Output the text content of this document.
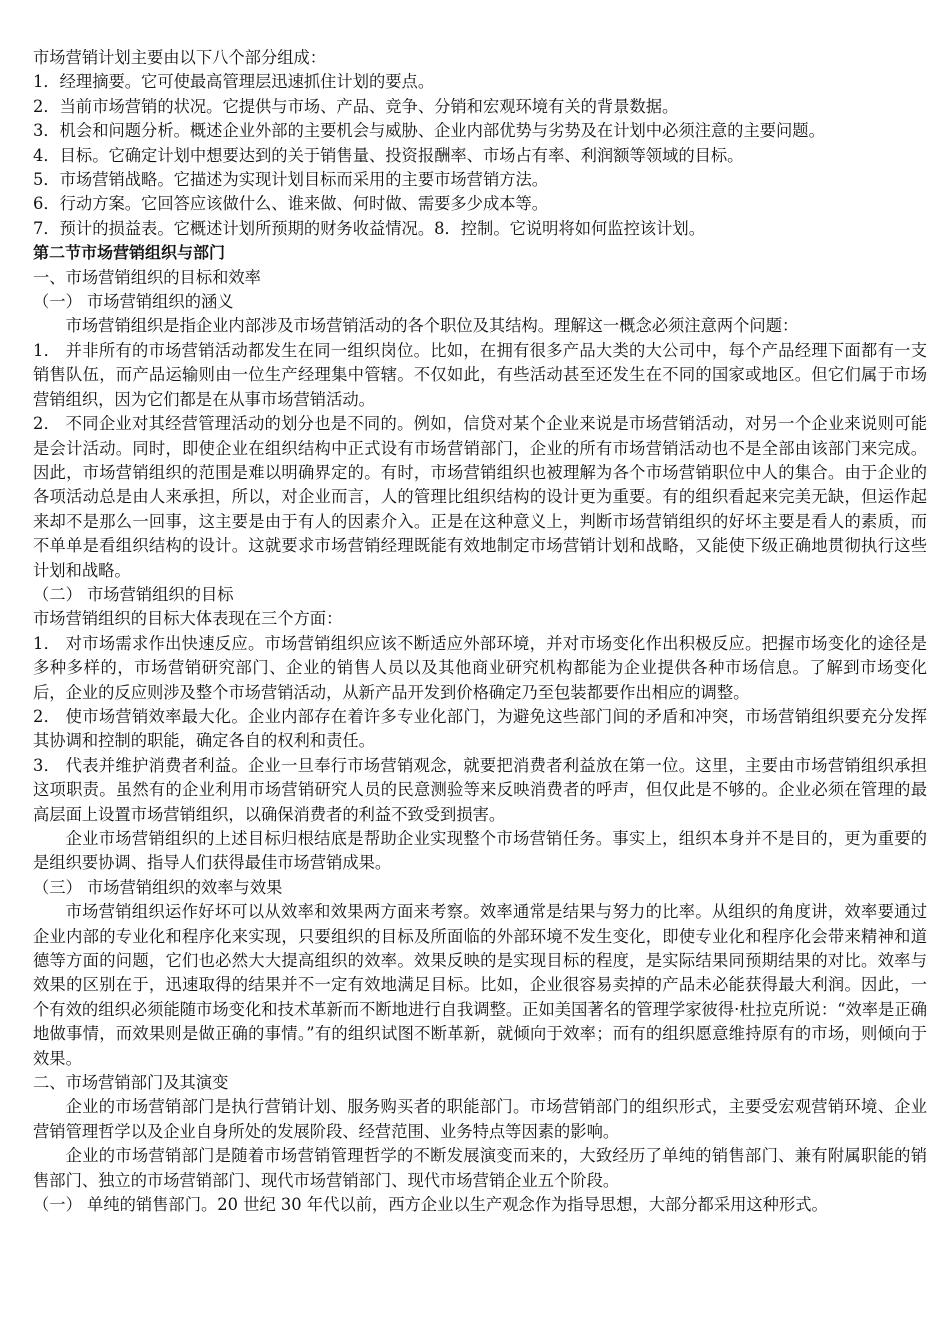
市场营销计划主要由以下八个部分组成：

1．经理摘要。它可使最高管理层迅速抓住计划的要点。

2．当前市场营销的状况。它提供与市场、产品、竞争、分销和宏观环境有关的背景数据。

3．机会和问题分析。概述企业外部的主要机会与威胁、企业内部优势与劣势及在计划中必须注意的主要问题。

4．目标。它确定计划中想要达到的关于销售量、投资报酬率、市场占有率、利润额等领域的目标。

5．市场营销战略。它描述为实现计划目标而采用的主要市场营销方法。

6．行动方案。它回答应该做什么、谁来做、何时做、需要多少成本等。

7．预计的损益表。它概述计划所预期的财务收益情况。8．控制。它说明将如何监控该计划。

第二节市场营销组织与部门

一、市场营销组织的目标和效率

（一） 市场营销组织的涵义

市场营销组织是指企业内部涉及市场营销活动的各个职位及其结构。理解这一概念必须注意两个问题：

1． 并非所有的市场营销活动都发生在同一组织岗位。比如，在拥有很多产品大类的大公司中，每个产品经理下面都有一支销售队伍，而产品运输则由一位生产经理集中管辖。不仅如此，有些活动甚至还发生在不同的国家或地区。但它们属于市场营销组织，因为它们都是在从事市场营销活动。

2． 不同企业对其经营管理活动的划分也是不同的。例如，信贷对某个企业来说是市场营销活动，对另一个企业来说则可能是会计活动。同时，即使企业在组织结构中正式设有市场营销部门，企业的所有市场营销活动也不是全部由该部门来完成。因此，市场营销组织的范围是难以明确界定的。有时，市场营销组织也被理解为各个市场营销职位中人的集合。由于企业的各项活动总是由人来承担，所以，对企业而言，人的管理比组织结构的设计更为重要。有的组织看起来完美无缺，但运作起来却不是那么一回事，这主要是由于有人的因素介入。正是在这种意义上，判断市场营销组织的好坏主要是看人的素质，而不单单是看组织结构的设计。这就要求市场营销经理既能有效地制定市场营销计划和战略，又能使下级正确地贯彻执行这些计划和战略。

（二） 市场营销组织的目标

市场营销组织的目标大体表现在三个方面：

1． 对市场需求作出快速反应。市场营销组织应该不断适应外部环境，并对市场变化作出积极反应。把握市场变化的途径是多种多样的，市场营销研究部门、企业的销售人员以及其他商业研究机构都能为企业提供各种市场信息。了解到市场变化后，企业的反应则涉及整个市场营销活动，从新产品开发到价格确定乃至包装都要作出相应的调整。

2． 使市场营销效率最大化。企业内部存在着许多专业化部门，为避免这些部门间的矛盾和冲突，市场营销组织要充分发挥其协调和控制的职能，确定各自的权利和责任。

3． 代表并维护消费者利益。企业一旦奉行市场营销观念，就要把消费者利益放在第一位。这里，主要由市场营销组织承担这项职责。虽然有的企业利用市场营销研究人员的民意测验等来反映消费者的呼声，但仅此是不够的。企业必须在管理的最高层面上设置市场营销组织，以确保消费者的利益不致受到损害。

企业市场营销组织的上述目标归根结底是帮助企业实现整个市场营销任务。事实上，组织本身并不是目的，更为重要的是组织要协调、指导人们获得最佳市场营销成果。

（三） 市场营销组织的效率与效果

市场营销组织运作好坏可以从效率和效果两方面来考察。效率通常是结果与努力的比率。从组织的角度讲，效率要通过企业内部的专业化和程序化来实现，只要组织的目标及所面临的外部环境不发生变化，即使专业化和程序化会带来精神和道德等方面的问题，它们也必然大大提高组织的效率。效果反映的是实现目标的程度，是实际结果同预期结果的对比。效率与效果的区别在于，迅速取得的结果并不一定有效地满足目标。比如，企业很容易卖掉的产品未必能获得最大利润。因此，一个有效的组织必须能随市场变化和技术革新而不断地进行自我调整。正如美国著名的管理学家彼得·杜拉克所说：“效率是正确地做事情，而效果则是做正确的事情。”有的组织试图不断革新，就倾向于效率；而有的组织愿意维持原有的市场，则倾向于效果。

二、市场营销部门及其演变

企业的市场营销部门是执行营销计划、服务购买者的职能部门。市场营销部门的组织形式，主要受宏观营销环境、企业营销管理哲学以及企业自身所处的发展阶段、经营范围、业务特点等因素的影响。

企业的市场营销部门是随着市场营销管理哲学的不断发展演变而来的，大致经历了单纯的销售部门、兼有附属职能的销售部门、独立的市场营销部门、现代市场营销部门、现代市场营销企业五个阶段。

（一） 单纯的销售部门。20 世纪 30 年代以前，西方企业以生产观念作为指导思想，大部分都采用这种形式。
